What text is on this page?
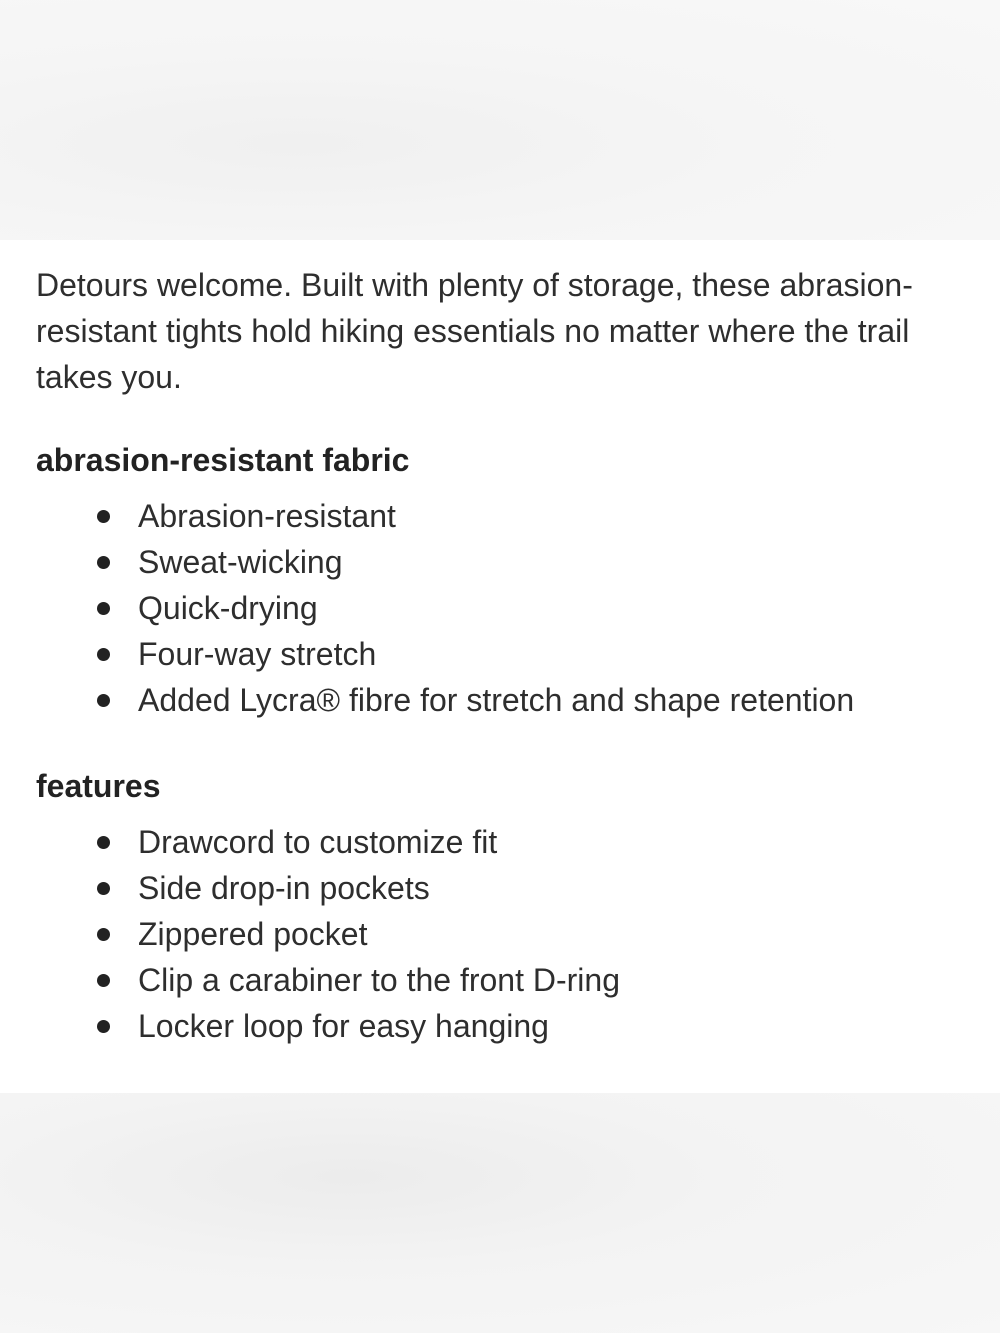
Detours welcome. Built with plenty of storage, these abrasion-resistant tights hold hiking essentials no matter where the trail takes you.

abrasion-resistant fabric
Abrasion-resistant
Sweat-wicking
Quick-drying
Four-way stretch
Added Lycra® fibre for stretch and shape retention
features
Drawcord to customize fit
Side drop-in pockets
Zippered pocket
Clip a carabiner to the front D-ring
Locker loop for easy hanging
